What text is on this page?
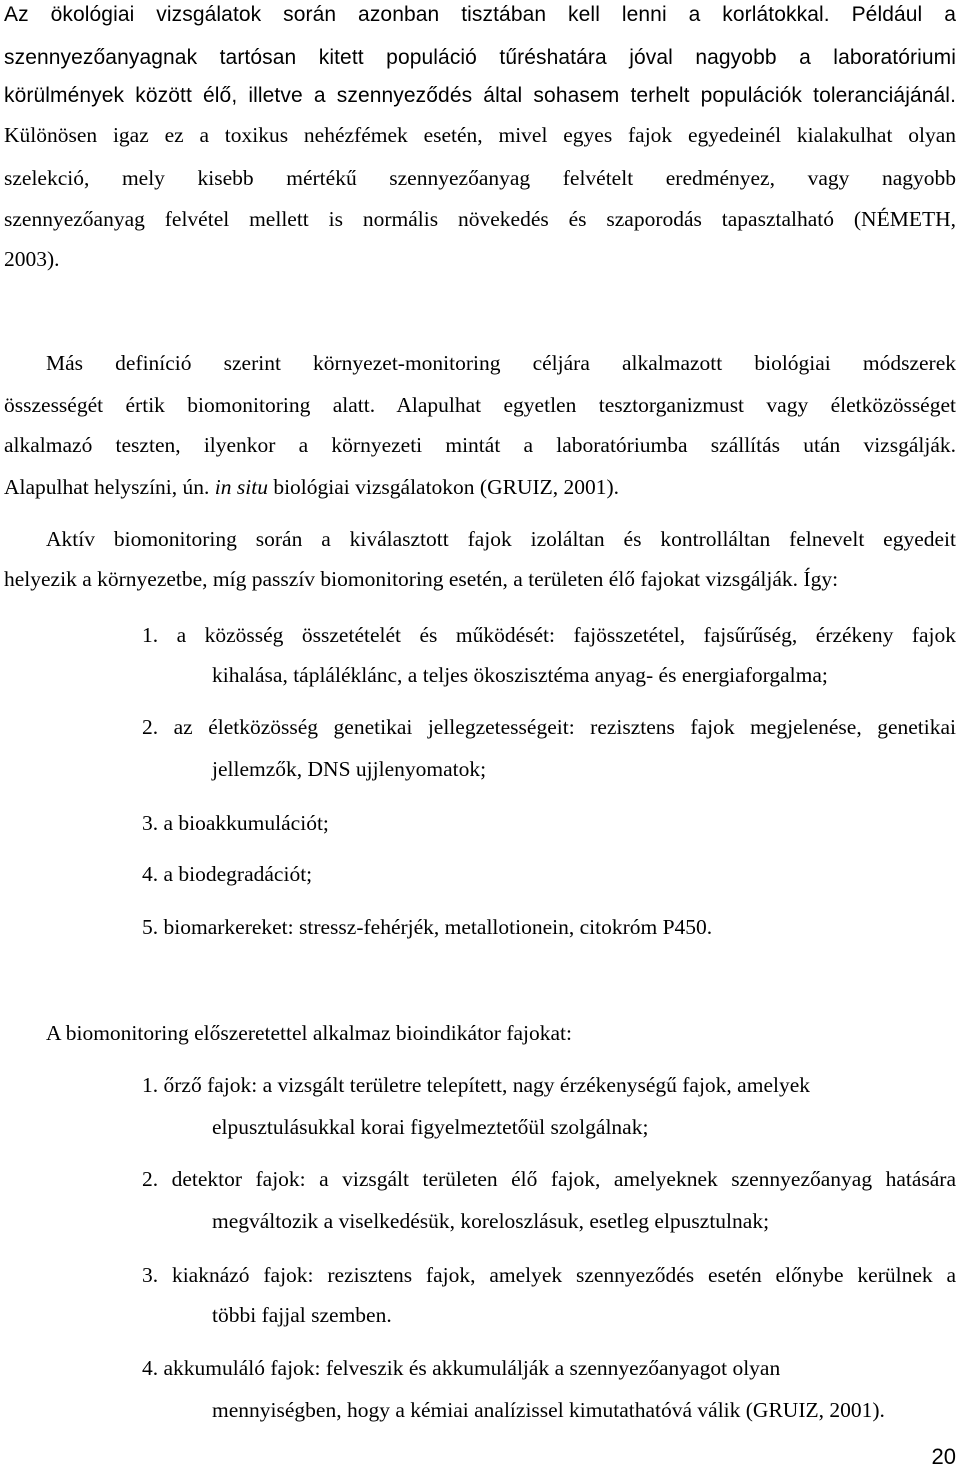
Az ökológiai vizsgálatok során azonban tisztában kell lenni a korlátokkal. Például a
szennyezőanyagnak tartósan kitett populáció tűréshatára jóval nagyobb a laboratóriumi
körülmények között élő, illetve a szennyeződés által sohasem terhelt populációk toleranciájánál.
Különösen igaz ez a toxikus nehézfémek esetén, mivel egyes fajok egyedeinél kialakulhat olyan
szelekció, mely kisebb mértékű szennyezőanyag felvételt eredményez, vagy nagyobb
szennyezőanyag felvétel mellett is normális növekedés és szaporodás tapasztalható (NÉMETH,
2003).
Más definíció szerint környezet-monitoring céljára alkalmazott biológiai módszerek
összességét értik biomonitoring alatt. Alapulhat egyetlen tesztorganizmust vagy életközösséget
alkalmazó teszten, ilyenkor a környezeti mintát a laboratóriumba szállítás után vizsgálják.
Alapulhat helyszíni, ún. in situ biológiai vizsgálatokon (GRUIZ, 2001).
Aktív biomonitoring során a kiválasztott fajok izoláltan és kontrolláltan felnevelt egyedeit
helyezik a környezetbe, míg passzív biomonitoring esetén, a területen élő fajokat vizsgálják. Így:
1. a közösség összetételét és működését: fajösszetétel, fajsűrűség, érzékeny fajok
kihalása, tápláléklánc, a teljes ökoszisztéma anyag- és energiaforgalma;
2. az életközösség genetikai jellegzetességeit: rezisztens fajok megjelenése, genetikai
jellemzők, DNS ujjlenyomatok;
3. a bioakkumulációt;
4. a biodegradációt;
5. biomarkereket: stressz-fehérjék, metallotionein, citokróm P450.
A biomonitoring előszeretettel alkalmaz bioindikátor fajokat:
1. őrző fajok: a vizsgált területre telepített, nagy érzékenységű fajok, amelyek
elpusztulásukkal korai figyelmeztetőül szolgálnak;
2. detektor fajok: a vizsgált területen élő fajok, amelyeknek szennyezőanyag hatására
megváltozik a viselkedésük, koreloszlásuk, esetleg elpusztulnak;
3. kiaknázó fajok: rezisztens fajok, amelyek szennyeződés esetén előnybe kerülnek a
többi fajjal szemben.
4. akkumuláló fajok: felveszik és akkumulálják a szennyezőanyagot olyan
mennyiségben, hogy a kémiai analízissel kimutathatóvá válik (GRUIZ, 2001).
20
